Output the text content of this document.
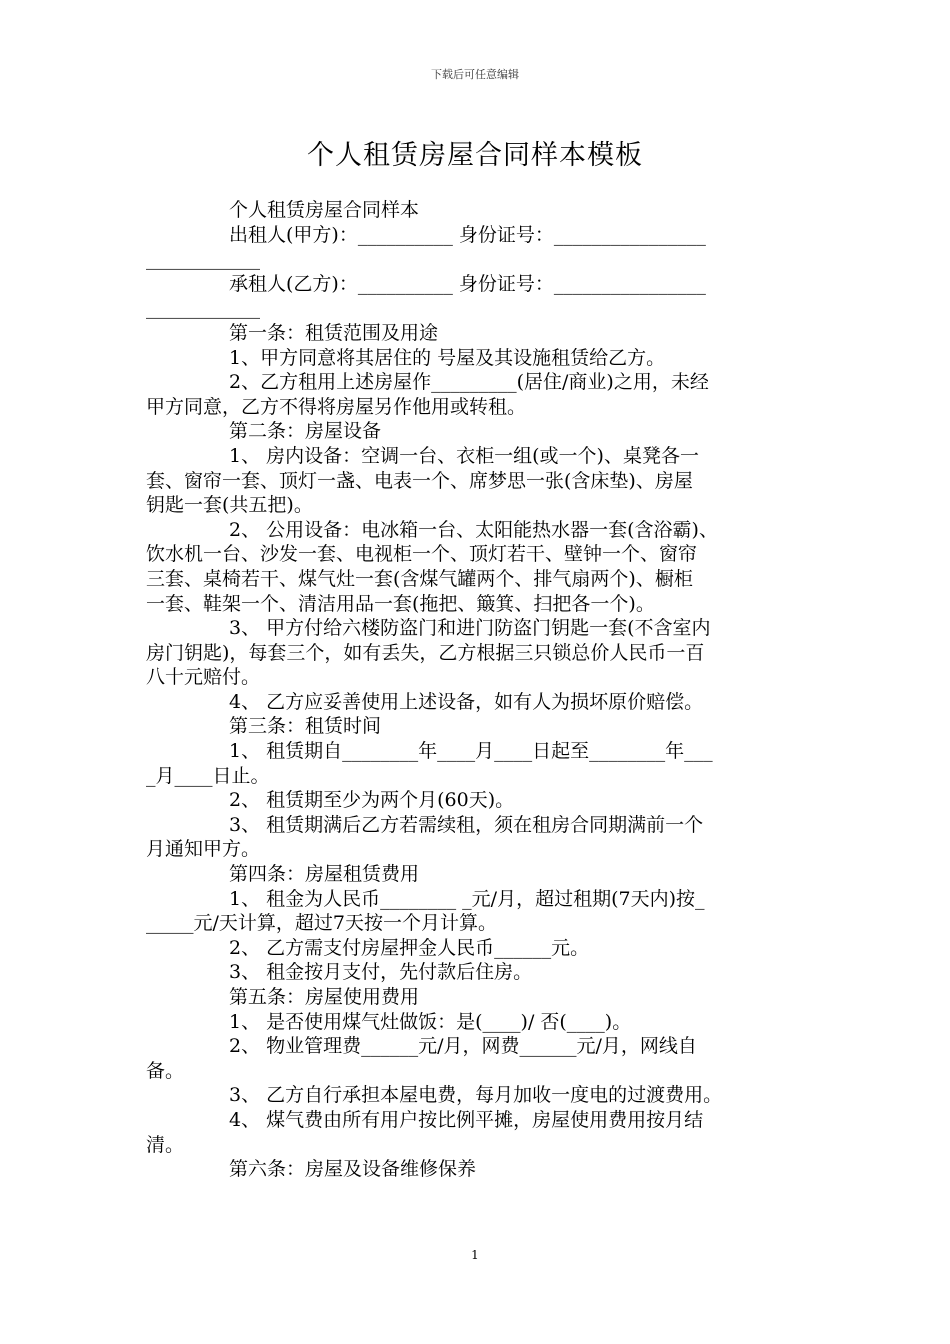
下载后可任意编辑
个人租赁房屋合同样本模板
个人租赁房屋合同样本
出租人(甲方)：__________ 身份证号：________________
____________
承租人(乙方)：__________ 身份证号：________________
____________
第一条：租赁范围及用途
1、甲方同意将其居住的 号屋及其设施租赁给乙方。
2、乙方租用上述房屋作_________(居住/商业)之用，未经
甲方同意，乙方不得将房屋另作他用或转租。
第二条：房屋设备
1、 房内设备：空调一台、衣柜一组(或一个)、桌凳各一
套、窗帘一套、顶灯一盏、电表一个、席梦思一张(含床垫)、房屋
钥匙一套(共五把)。
2、 公用设备：电冰箱一台、太阳能热水器一套(含浴霸)、
饮水机一台、沙发一套、电视柜一个、顶灯若干、壁钟一个、窗帘
三套、桌椅若干、煤气灶一套(含煤气罐两个、排气扇两个)、橱柜
一套、鞋架一个、清洁用品一套(拖把、簸箕、扫把各一个)。
3、 甲方付给六楼防盗门和进门防盗门钥匙一套(不含室内
房门钥匙)，每套三个，如有丢失，乙方根据三只锁总价人民币一百
八十元赔付。
4、 乙方应妥善使用上述设备，如有人为损坏原价赔偿。
第三条：租赁时间
1、 租赁期自________年____月____日起至________年___
_月____日止。
2、 租赁期至少为两个月(60天)。
3、 租赁期满后乙方若需续租，须在租房合同期满前一个
月通知甲方。
第四条：房屋租赁费用
1、 租金为人民币________ _元/月，超过租期(7天内)按_
_____元/天计算，超过7天按一个月计算。
2、 乙方需支付房屋押金人民币______元。
3、 租金按月支付，先付款后住房。
第五条：房屋使用费用
1、 是否使用煤气灶做饭：是(____)/ 否(____)。
2、 物业管理费______元/月，网费______元/月，网线自
备。
3、 乙方自行承担本屋电费，每月加收一度电的过渡费用。
4、 煤气费由所有用户按比例平摊，房屋使用费用按月结
清。
第六条：房屋及设备维修保养
1
